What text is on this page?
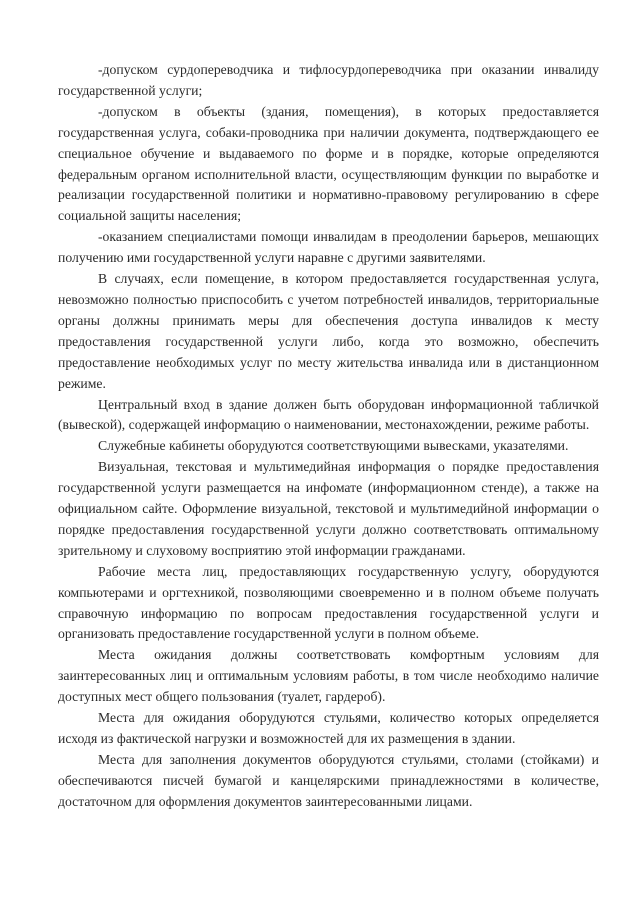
-допуском сурдопереводчика и тифлосурдопереводчика при оказании инвалиду государственной услуги;

-допуском в объекты (здания, помещения), в которых предоставляется государственная услуга, собаки-проводника при наличии документа, подтверждающего ее специальное обучение и выдаваемого по форме и в порядке, которые определяются федеральным органом исполнительной власти, осуществляющим функции по выработке и реализации государственной политики и нормативно-правовому регулированию в сфере социальной защиты населения;

-оказанием специалистами помощи инвалидам в преодолении барьеров, мешающих получению ими государственной услуги наравне с другими заявителями.

В случаях, если помещение, в котором предоставляется государственная услуга, невозможно полностью приспособить с учетом потребностей инвалидов, территориальные органы должны принимать меры для обеспечения доступа инвалидов к месту предоставления государственной услуги либо, когда это возможно, обеспечить предоставление необходимых услуг по месту жительства инвалида или в дистанционном режиме.

Центральный вход в здание должен быть оборудован информационной табличкой (вывеской), содержащей информацию о наименовании, местонахождении, режиме работы.

Служебные кабинеты оборудуются соответствующими вывесками, указателями.

Визуальная, текстовая и мультимедийная информация о порядке предоставления государственной услуги размещается на инфомате (информационном стенде), а также на официальном сайте. Оформление визуальной, текстовой и мультимедийной информации о порядке предоставления государственной услуги должно соответствовать оптимальному зрительному и слуховому восприятию этой информации гражданами.

Рабочие места лиц, предоставляющих государственную услугу, оборудуются компьютерами и оргтехникой, позволяющими своевременно и в полном объеме получать справочную информацию по вопросам предоставления государственной услуги и организовать предоставление государственной услуги в полном объеме.

Места ожидания должны соответствовать комфортным условиям для заинтересованных лиц и оптимальным условиям работы, в том числе необходимо наличие доступных мест общего пользования (туалет, гардероб).

Места для ожидания оборудуются стульями, количество которых определяется исходя из фактической нагрузки и возможностей для их размещения в здании.

Места для заполнения документов оборудуются стульями, столами (стойками) и обеспечиваются писчей бумагой и канцелярскими принадлежностями в количестве, достаточном для оформления документов заинтересованными лицами.
